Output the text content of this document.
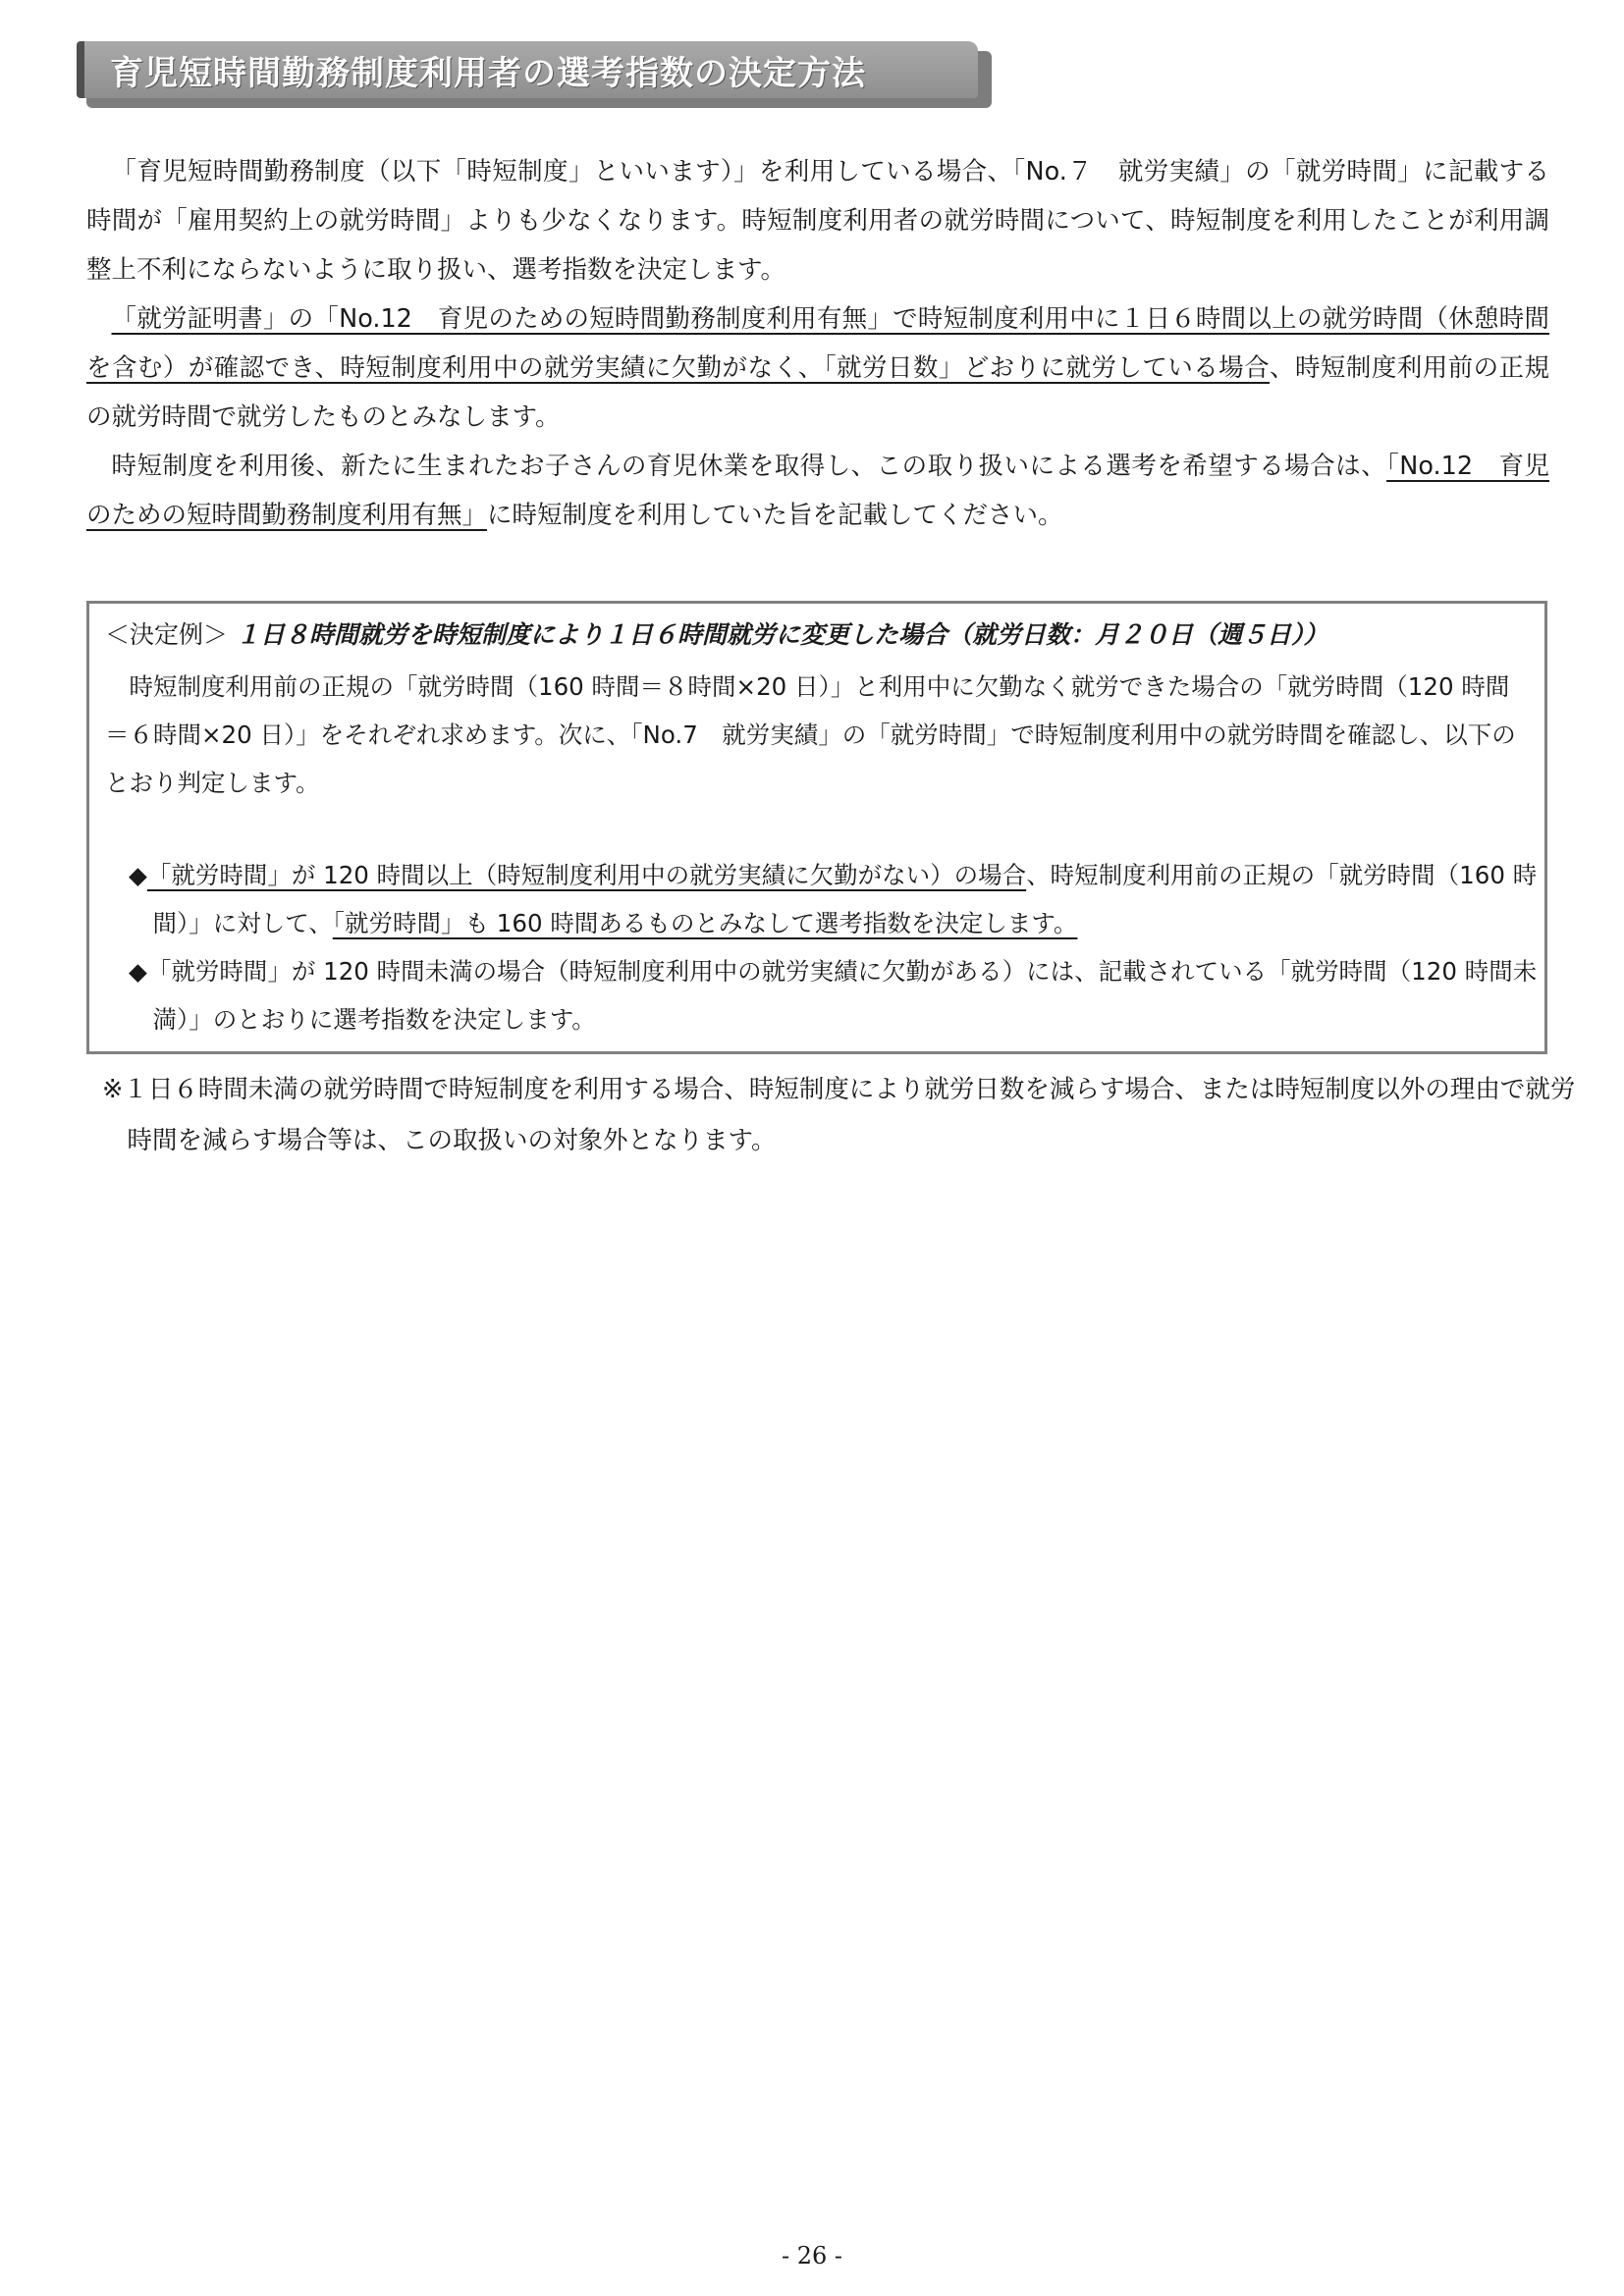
育児短時間勤務制度利用者の選考指数の決定方法

「育児短時間勤務制度（以下「時短制度」といいます）」を利用している場合、「No.７　就労実績」の「就労時間」に記載する時間が「雇用契約上の就労時間」よりも少なくなります。時短制度利用者の就労時間について、時短制度を利用したことが利用調整上不利にならないように取り扱い、選考指数を決定します。

「就労証明書」の「No.12　育児のための短時間勤務制度利用有無」で時短制度利用中に１日６時間以上の就労時間（休憩時間を含む）が確認でき、時短制度利用中の就労実績に欠勤がなく、「就労日数」どおりに就労している場合、時短制度利用前の正規の就労時間で就労したものとみなします。

時短制度を利用後、新たに生まれたお子さんの育児休業を取得し、この取り扱いによる選考を希望する場合は、「No.12　育児のための短時間勤務制度利用有無」に時短制度を利用していた旨を記載してください。

＜決定例＞ １日８時間就労を時短制度により１日６時間就労に変更した場合（就労日数：月２０日（週５日））

時短制度利用前の正規の「就労時間（160 時間＝８時間×20 日）」と利用中に欠勤なく就労できた場合の「就労時間（120 時間＝６時間×20 日）」をそれぞれ求めます。次に、「No.7　就労実績」の「就労時間」で時短制度利用中の就労時間を確認し、以下のとおり判定します。

◆「就労時間」が 120 時間以上（時短制度利用中の就労実績に欠勤がない）の場合、時短制度利用前の正規の「就労時間（160 時間）」に対して、「就労時間」も 160 時間あるものとみなして選考指数を決定します。

◆「就労時間」が 120 時間未満の場合（時短制度利用中の就労実績に欠勤がある）には、記載されている「就労時間（120 時間未満）」のとおりに選考指数を決定します。

※１日６時間未満の就労時間で時短制度を利用する場合、時短制度により就労日数を減らす場合、または時短制度以外の理由で就労時間を減らす場合等は、この取扱いの対象外となります。

- 26 -
